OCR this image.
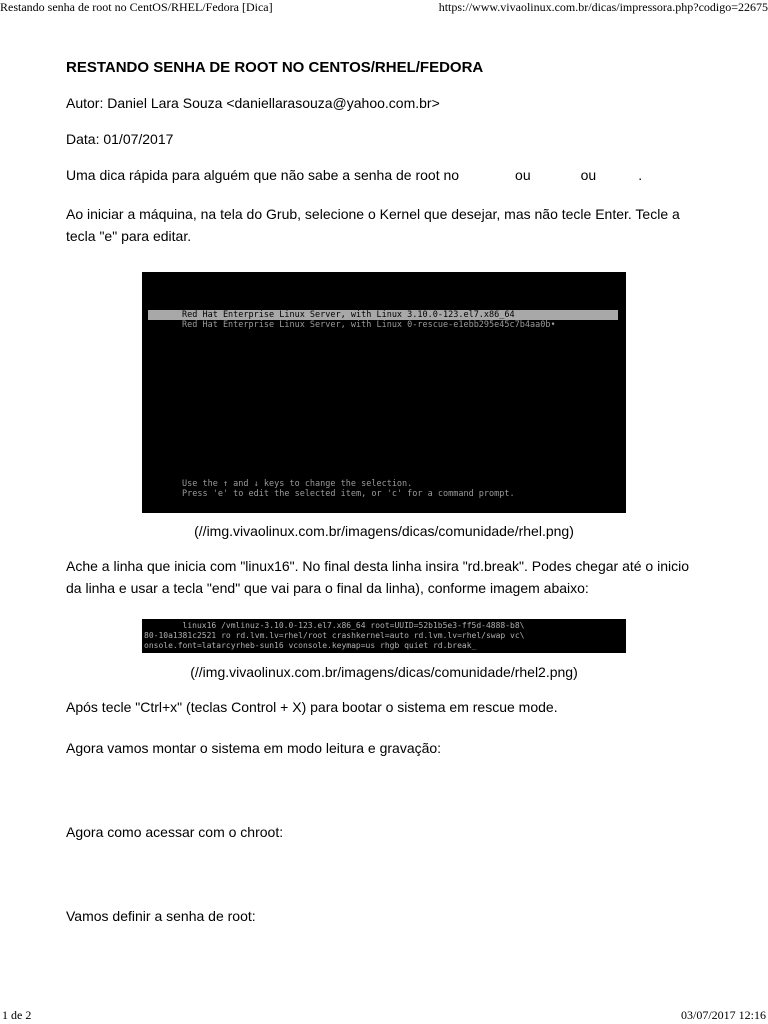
Restando senha de root no CentOS/RHEL/Fedora [Dica]	https://www.vivaolinux.com.br/dicas/impressora.php?codigo=22675
RESTANDO SENHA DE ROOT NO CENTOS/RHEL/FEDORA

Autor: Daniel Lara Souza <daniellarasouza@yahoo.com.br>

Data: 01/07/2017

Uma dica rápida para alguém que não sabe a senha de root no	ou	ou	.

Ao iniciar a máquina, na tela do Grub, selecione o Kernel que desejar, mas não tecle Enter. Tecle a tecla "e" para editar.

Red Hat Enterprise Linux Server, with Linux 3.10.0-123.el7.x86_64
Red Hat Enterprise Linux Server, with Linux 0-rescue-e1ebb295e45c7b4aa0b•
Use the ↑ and ↓ keys to change the selection.
Press 'e' to edit the selected item, or 'c' for a command prompt.

(//img.vivaolinux.com.br/imagens/dicas/comunidade/rhel.png)

Ache a linha que inicia com "linux16". No final desta linha insira "rd.break". Podes chegar até o inicio da linha e usar a tecla "end" que vai para o final da linha), conforme imagem abaixo:

linux16 /vmlinuz-3.10.0-123.el7.x86_64 root=UUID=52b1b5e3-ff5d-4888-b8\
80-10a1381c2521 ro rd.lvm.lv=rhel/root crashkernel=auto rd.lvm.lv=rhel/swap vc\
onsole.font=latarcyrheb-sun16 vconsole.keymap=us rhgb quiet rd.break_

(//img.vivaolinux.com.br/imagens/dicas/comunidade/rhel2.png)

Após tecle "Ctrl+x" (teclas Control + X) para bootar o sistema em rescue mode.

Agora vamos montar o sistema em modo leitura e gravação:

Agora como acessar com o chroot:

Vamos definir a senha de root:

1 de 2	03/07/2017 12:16
